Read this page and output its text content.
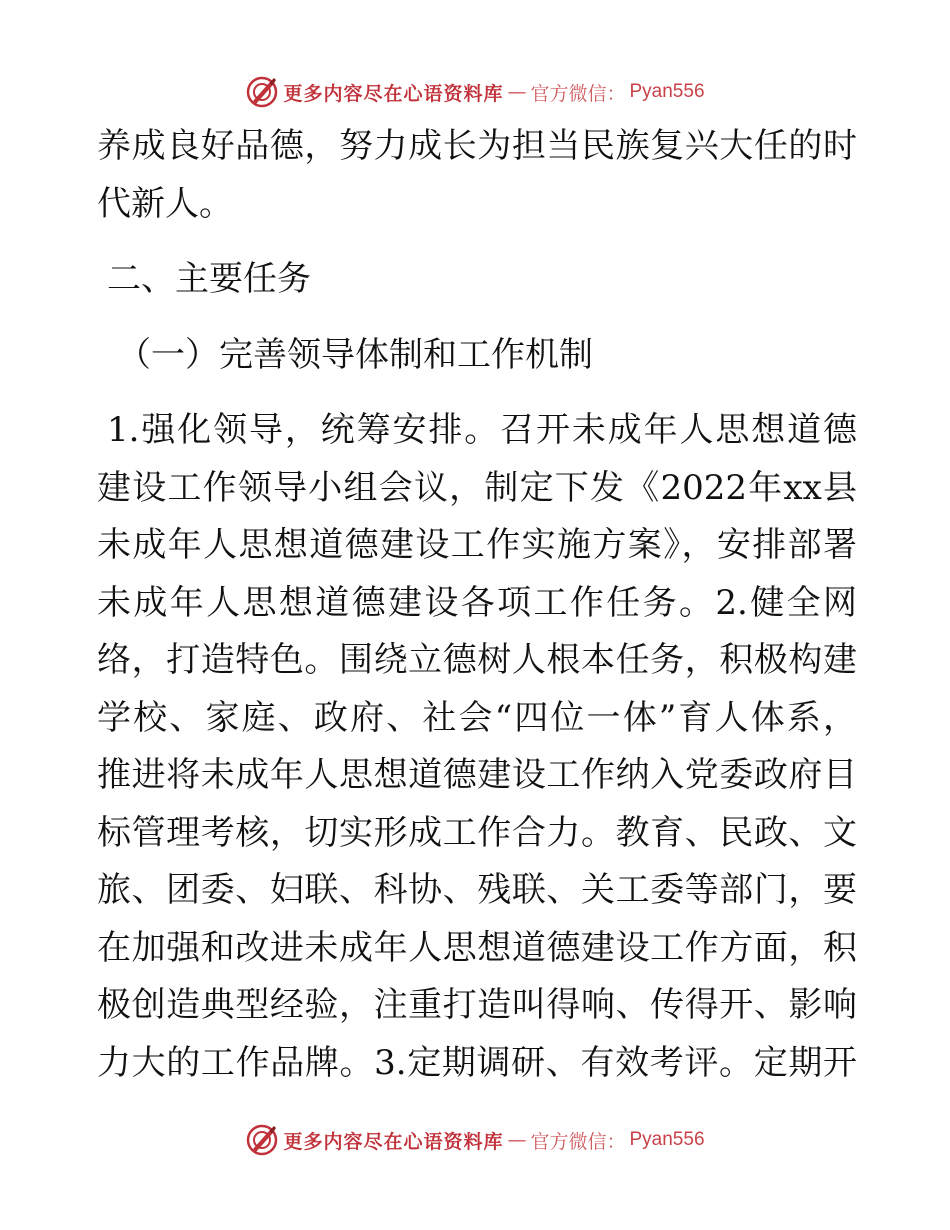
更多内容尽在心语资料库 — 官方微信： Pyan556
养成良好品德，努力成长为担当民族复兴大任的时
代新人。
二、主要任务
（一）完善领导体制和工作机制
1.强化领导，统筹安排。召开未成年人思想道德
建设工作领导小组会议，制定下发《2022年xx县
未成年人思想道德建设工作实施方案》，安排部署
未成年人思想道德建设各项工作任务。2.健全网
络，打造特色。围绕立德树人根本任务，积极构建
学校、家庭、政府、社会“四位一体”育人体系，
推进将未成年人思想道德建设工作纳入党委政府目
标管理考核，切实形成工作合力。教育、民政、文
旅、团委、妇联、科协、残联、关工委等部门，要
在加强和改进未成年人思想道德建设工作方面，积
极创造典型经验，注重打造叫得响、传得开、影响
力大的工作品牌。3.定期调研、有效考评。定期开
更多内容尽在心语资料库 — 官方微信： Pyan556
